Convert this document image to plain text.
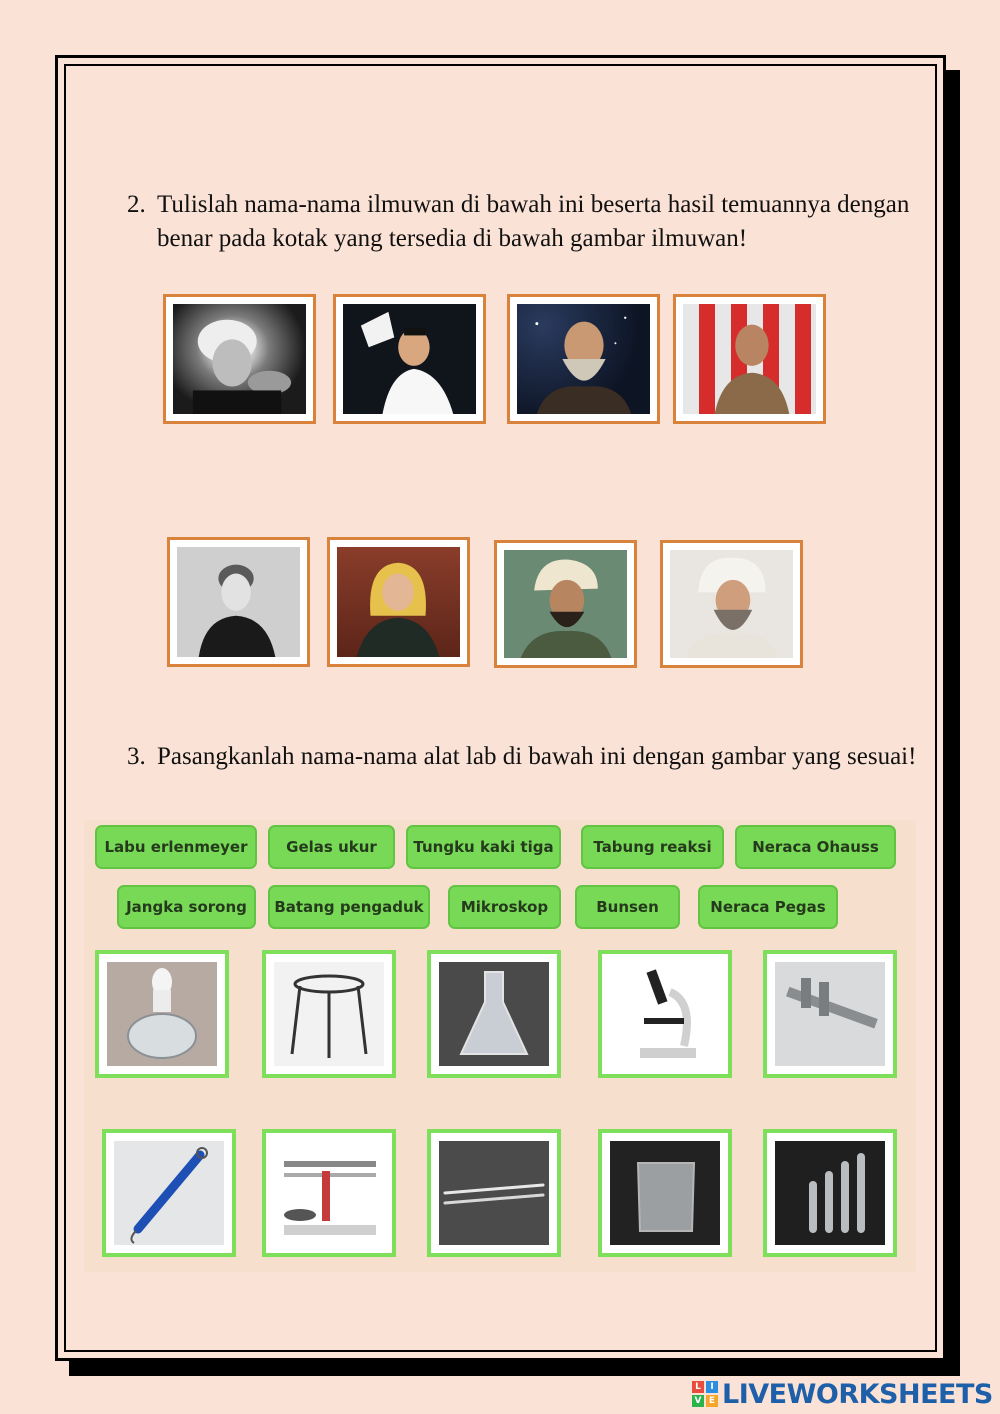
2. Tulislah nama-nama ilmuwan di bawah ini beserta hasil temuannya dengan benar pada kotak yang tersedia di bawah gambar ilmuwan!
3. Pasangkanlah nama-nama alat lab di bawah ini dengan gambar yang sesuai!
Labu erlenmeyer	Gelas ukur	Tungku kaki tiga	Tabung reaksi	Neraca Ohauss
Jangka sorong	Batang pengaduk	Mikroskop	Bunsen	Neraca Pegas
L	I
V E LIVEWORKSHEETS
